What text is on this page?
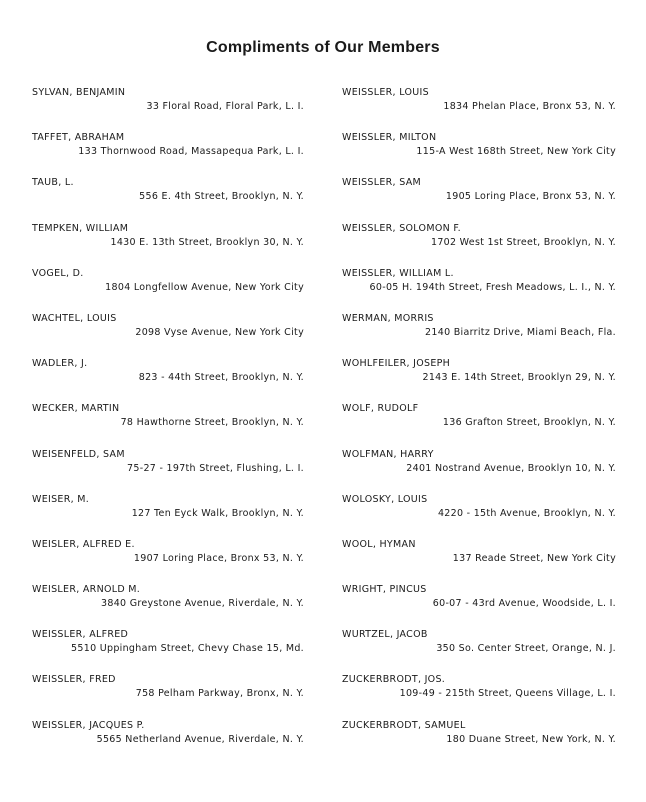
Compliments of Our Members
SYLVAN, BENJAMIN
33 Floral Road, Floral Park, L. I.
TAFFET, ABRAHAM
133 Thornwood Road, Massapequa Park, L. I.
TAUB, L.
556 E. 4th Street, Brooklyn, N. Y.
TEMPKEN, WILLIAM
1430 E. 13th Street, Brooklyn 30, N. Y.
VOGEL, D.
1804 Longfellow Avenue, New York City
WACHTEL, LOUIS
2098 Vyse Avenue, New York City
WADLER, J.
823 - 44th Street, Brooklyn, N. Y.
WECKER, MARTIN
78 Hawthorne Street, Brooklyn, N. Y.
WEISENFELD, SAM
75-27 - 197th Street, Flushing, L. I.
WEISER, M.
127 Ten Eyck Walk, Brooklyn, N. Y.
WEISLER, ALFRED E.
1907 Loring Place, Bronx 53, N. Y.
WEISLER, ARNOLD M.
3840 Greystone Avenue, Riverdale, N. Y.
WEISSLER, ALFRED
5510 Uppingham Street, Chevy Chase 15, Md.
WEISSLER, FRED
758 Pelham Parkway, Bronx, N. Y.
WEISSLER, JACQUES P.
5565 Netherland Avenue, Riverdale, N. Y.
WEISSLER, LOUIS
1834 Phelan Place, Bronx 53, N. Y.
WEISSLER, MILTON
115-A West 168th Street, New York City
WEISSLER, SAM
1905 Loring Place, Bronx 53, N. Y.
WEISSLER, SOLOMON F.
1702 West 1st Street, Brooklyn, N. Y.
WEISSLER, WILLIAM L.
60-05 H. 194th Street, Fresh Meadows, L. I., N. Y.
WERMAN, MORRIS
2140 Biarritz Drive, Miami Beach, Fla.
WOHLFEILER, JOSEPH
2143 E. 14th Street, Brooklyn 29, N. Y.
WOLF, RUDOLF
136 Grafton Street, Brooklyn, N. Y.
WOLFMAN, HARRY
2401 Nostrand Avenue, Brooklyn 10, N. Y.
WOLOSKY, LOUIS
4220 - 15th Avenue, Brooklyn, N. Y.
WOOL, HYMAN
137 Reade Street, New York City
WRIGHT, PINCUS
60-07 - 43rd Avenue, Woodside, L. I.
WURTZEL, JACOB
350 So. Center Street, Orange, N. J.
ZUCKERBRODT, JOS.
109-49 - 215th Street, Queens Village, L. I.
ZUCKERBRODT, SAMUEL
180 Duane Street, New York, N. Y.
